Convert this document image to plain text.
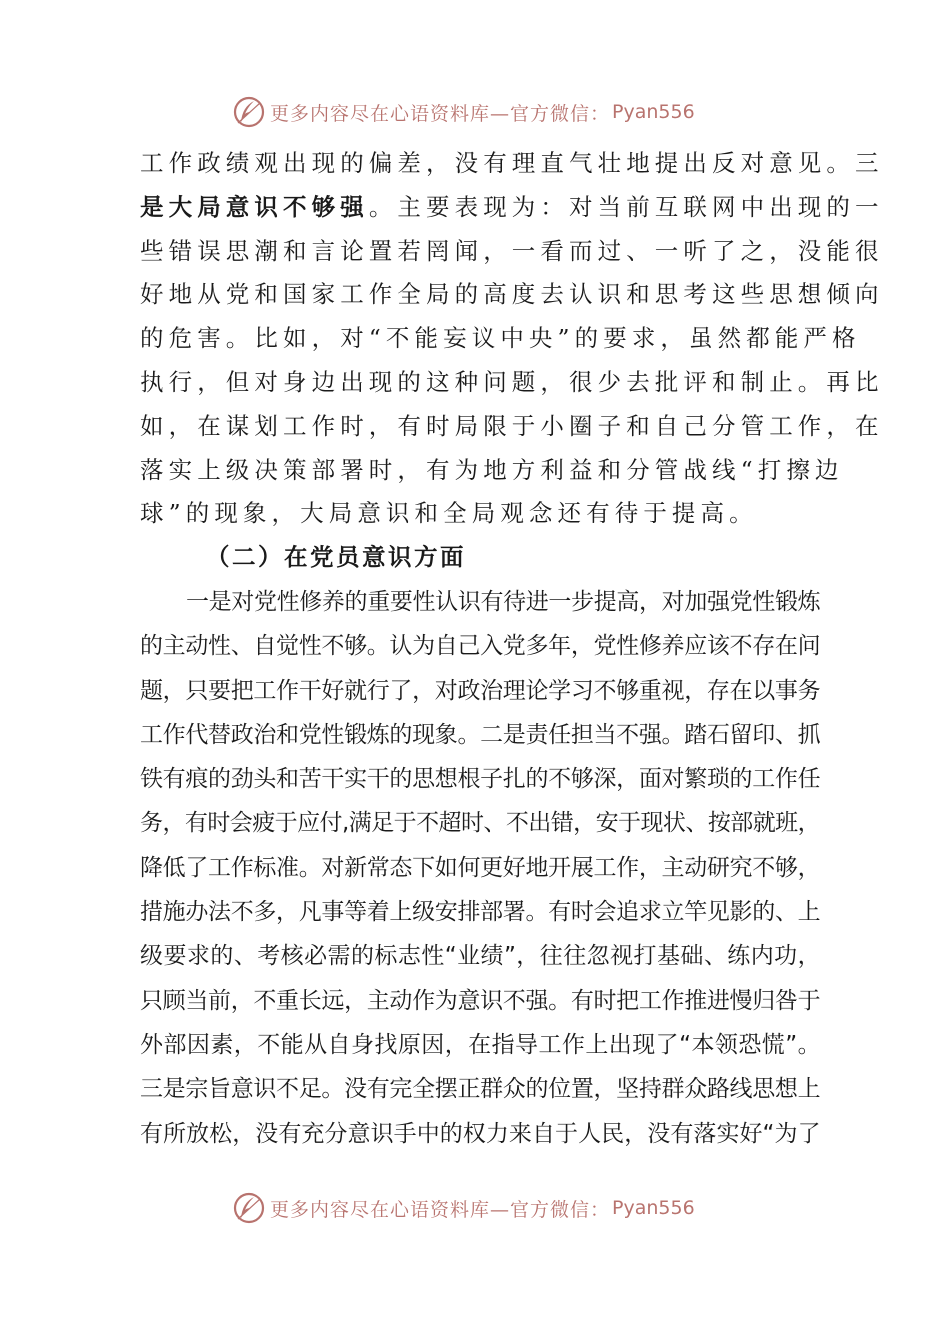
更多内容尽在心语资料库—官方微信： Pyan556
工作政绩观出现的偏差，没有理直气壮地提出反对意见。三
是大局意识不够强。主要表现为：对当前互联网中出现的一
些错误思潮和言论置若罔闻，一看而过、一听了之，没能很
好地从党和国家工作全局的高度去认识和思考这些思想倾向
的危害。比如，对“不能妄议中央”的要求，虽然都能严格
执行，但对身边出现的这种问题，很少去批评和制止。再比
如，在谋划工作时，有时局限于小圈子和自己分管工作，在
落实上级决策部署时，有为地方利益和分管战线“打擦边
球”的现象，大局意识和全局观念还有待于提高。
（二）在党员意识方面
一是对党性修养的重要性认识有待进一步提高，对加强党性锻炼
的主动性、自觉性不够。认为自己入党多年，党性修养应该不存在问
题，只要把工作干好就行了，对政治理论学习不够重视，存在以事务
工作代替政治和党性锻炼的现象。二是责任担当不强。踏石留印、抓
铁有痕的劲头和苦干实干的思想根子扎的不够深，面对繁琐的工作任
务，有时会疲于应付,满足于不超时、不出错，安于现状、按部就班，
降低了工作标准。对新常态下如何更好地开展工作，主动研究不够，
措施办法不多，凡事等着上级安排部署。有时会追求立竿见影的、上
级要求的、考核必需的标志性“业绩”，往往忽视打基础、练内功，
只顾当前，不重长远，主动作为意识不强。有时把工作推进慢归咎于
外部因素，不能从自身找原因，在指导工作上出现了“本领恐慌”。
三是宗旨意识不足。没有完全摆正群众的位置，坚持群众路线思想上
有所放松，没有充分意识手中的权力来自于人民，没有落实好“为了
更多内容尽在心语资料库—官方微信： Pyan556
